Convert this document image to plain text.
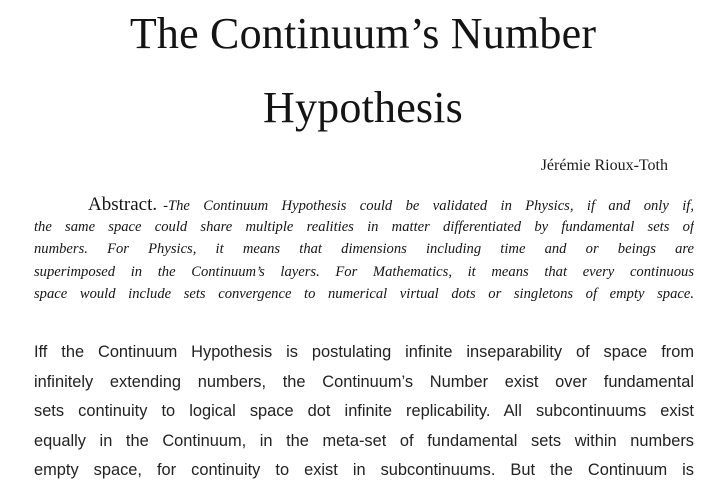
The Continuum’s Number
Hypothesis
Jérémie Rioux-Toth
Abstract. -The Continuum Hypothesis could be validated in Physics, if and only if,
the same space could share multiple realities in matter differentiated by fundamental sets of
numbers. For Physics, it means that dimensions including time and or beings are
superimposed in the Continuum’s layers. For Mathematics, it means that every continuous
space would include sets convergence to numerical virtual dots or singletons of empty space.
Iff the Continuum Hypothesis is postulating infinite inseparability of space from
infinitely extending numbers, the Continuum’s Number exist over fundamental
sets continuity to logical space dot infinite replicability. All subcontinuums exist
equally in the Continuum, in the meta-set of fundamental sets within numbers
empty space, for continuity to exist in subcontinuums. But the Continuum is
